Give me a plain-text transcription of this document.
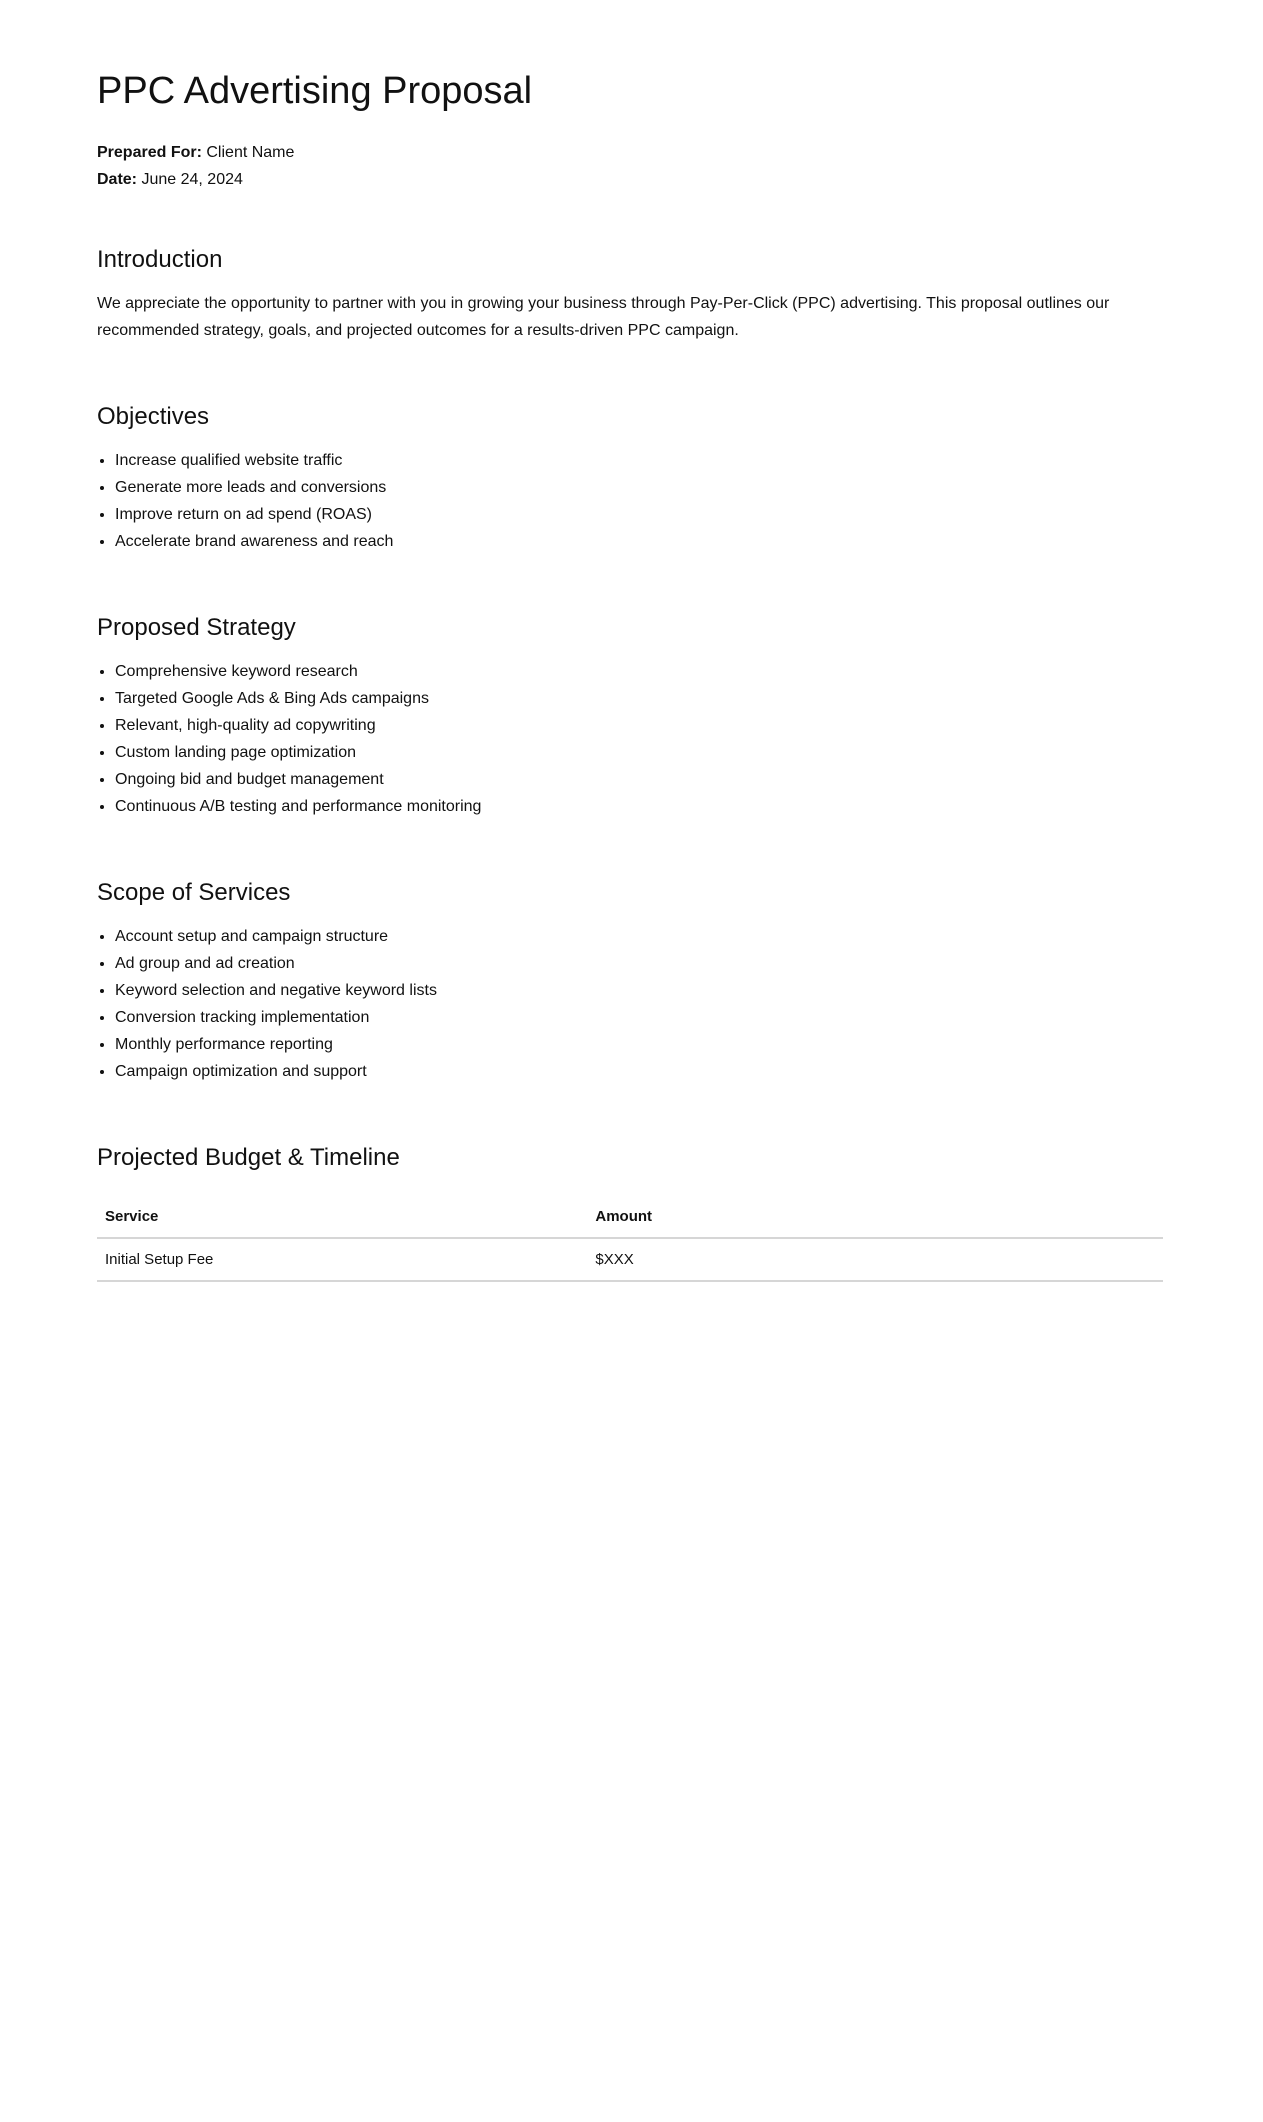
PPC Advertising Proposal

Prepared For: Client Name

Date: June 24, 2024

Introduction

We appreciate the opportunity to partner with you in growing your business through Pay-Per-Click (PPC) advertising. This proposal outlines our recommended strategy, goals, and projected outcomes for a results-driven PPC campaign.

Objectives
• Increase qualified website traffic
• Generate more leads and conversions
• Improve return on ad spend (ROAS)
• Accelerate brand awareness and reach
Proposed Strategy
• Comprehensive keyword research
• Targeted Google Ads & Bing Ads campaigns
• Relevant, high-quality ad copywriting
• Custom landing page optimization
• Ongoing bid and budget management
• Continuous A/B testing and performance monitoring
Scope of Services
• Account setup and campaign structure
• Ad group and ad creation
• Keyword selection and negative keyword lists
• Conversion tracking implementation
• Monthly performance reporting
• Campaign optimization and support
Projected Budget & Timeline
Service	Amount
Initial Setup Fee	$XXX
